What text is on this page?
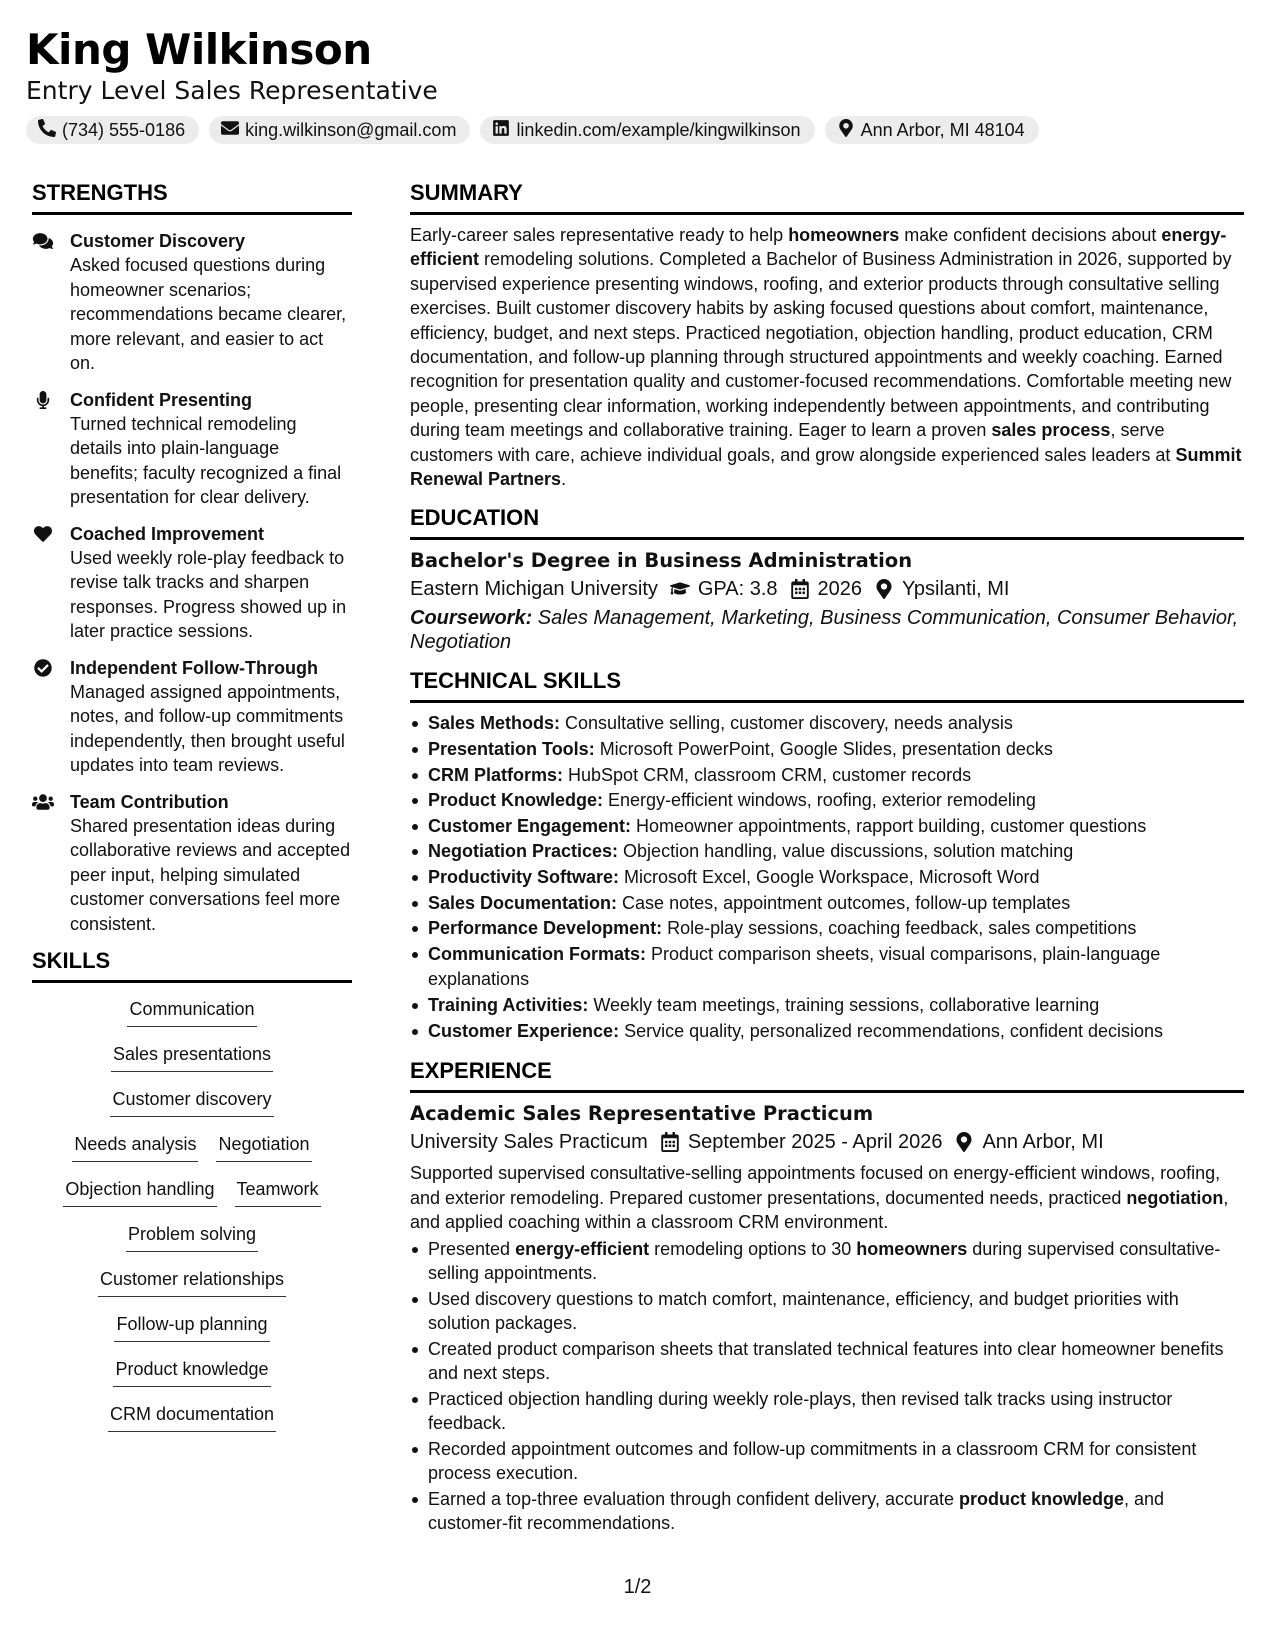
King Wilkinson
Entry Level Sales Representative
(734) 555-0186	king.wilkinson@gmail.com	linkedin.com/example/kingwilkinson	Ann Arbor, MI 48104
STRENGTHS
Customer Discovery
Asked focused questions during homeowner scenarios; recommendations became clearer, more relevant, and easier to act on.
Confident Presenting
Turned technical remodeling details into plain-language benefits; faculty recognized a final presentation for clear delivery.
Coached Improvement
Used weekly role-play feedback to revise talk tracks and sharpen responses. Progress showed up in later practice sessions.
Independent Follow-Through
Managed assigned appointments, notes, and follow-up commitments independently, then brought useful updates into team reviews.
Team Contribution
Shared presentation ideas during collaborative reviews and accepted peer input, helping simulated customer conversations feel more consistent.
SKILLS
Communication
Sales presentations
Customer discovery
Needs analysis Negotiation
Objection handling Teamwork
Problem solving
Customer relationships
Follow-up planning
Product knowledge
CRM documentation
SUMMARY
Early-career sales representative ready to help homeowners make confident decisions about energy-efficient remodeling solutions. Completed a Bachelor of Business Administration in 2026, supported by supervised experience presenting windows, roofing, and exterior products through consultative selling exercises. Built customer discovery habits by asking focused questions about comfort, maintenance, efficiency, budget, and next steps. Practiced negotiation, objection handling, product education, CRM documentation, and follow-up planning through structured appointments and weekly coaching. Earned recognition for presentation quality and customer-focused recommendations. Comfortable meeting new people, presenting clear information, working independently between appointments, and contributing during team meetings and collaborative training. Eager to learn a proven sales process, serve customers with care, achieve individual goals, and grow alongside experienced sales leaders at Summit Renewal Partners.
EDUCATION
Bachelor's Degree in Business Administration
Eastern Michigan University GPA: 3.8 2026 Ypsilanti, MI
Coursework: Sales Management, Marketing, Business Communication, Consumer Behavior, Negotiation
TECHNICAL SKILLS
Sales Methods: Consultative selling, customer discovery, needs analysis
Presentation Tools: Microsoft PowerPoint, Google Slides, presentation decks
CRM Platforms: HubSpot CRM, classroom CRM, customer records
Product Knowledge: Energy-efficient windows, roofing, exterior remodeling
Customer Engagement: Homeowner appointments, rapport building, customer questions
Negotiation Practices: Objection handling, value discussions, solution matching
Productivity Software: Microsoft Excel, Google Workspace, Microsoft Word
Sales Documentation: Case notes, appointment outcomes, follow-up templates
Performance Development: Role-play sessions, coaching feedback, sales competitions
Communication Formats: Product comparison sheets, visual comparisons, plain-language explanations
Training Activities: Weekly team meetings, training sessions, collaborative learning
Customer Experience: Service quality, personalized recommendations, confident decisions
EXPERIENCE
Academic Sales Representative Practicum
University Sales Practicum September 2025 - April 2026 Ann Arbor, MI
Supported supervised consultative-selling appointments focused on energy-efficient windows, roofing, and exterior remodeling. Prepared customer presentations, documented needs, practiced negotiation, and applied coaching within a classroom CRM environment.
Presented energy-efficient remodeling options to 30 homeowners during supervised consultative-selling appointments.
Used discovery questions to match comfort, maintenance, efficiency, and budget priorities with solution packages.
Created product comparison sheets that translated technical features into clear homeowner benefits and next steps.
Practiced objection handling during weekly role-plays, then revised talk tracks using instructor feedback.
Recorded appointment outcomes and follow-up commitments in a classroom CRM for consistent process execution.
Earned a top-three evaluation through confident delivery, accurate product knowledge, and customer-fit recommendations.
1/2
